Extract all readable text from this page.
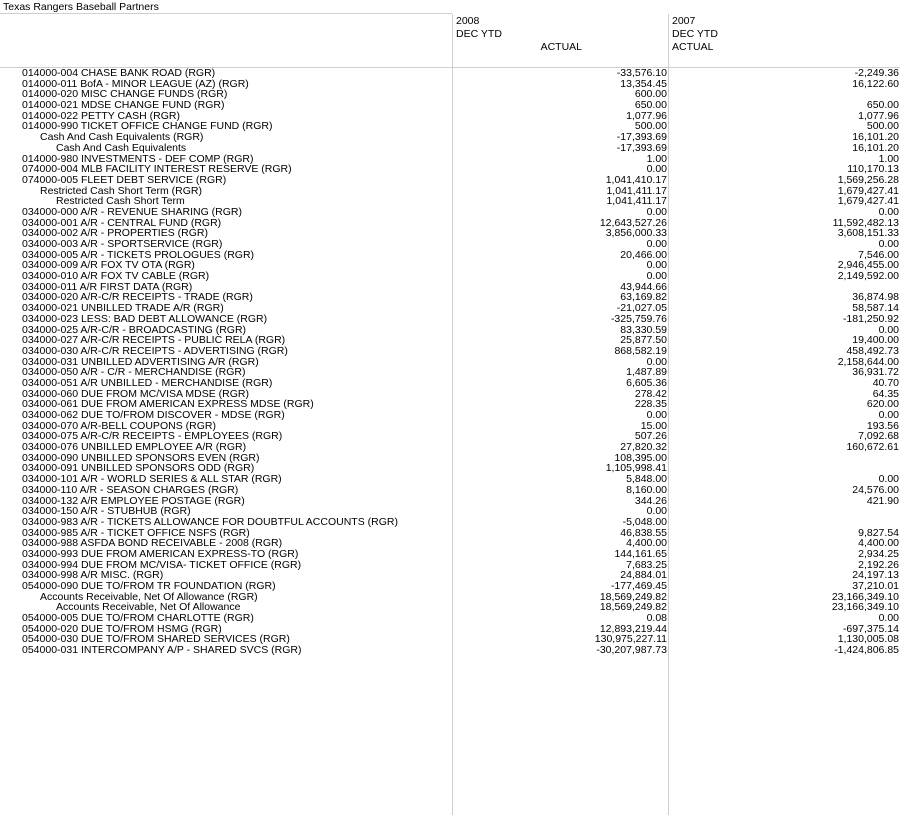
Texas Rangers Baseball Partners
2008
DEC YTD
ACTUAL
2007
DEC YTD
ACTUAL
014000-004 CHASE BANK ROAD (RGR)	-33,576.10	-2,249.36
014000-011 BofA - MINOR LEAGUE (AZ) (RGR)	13,354.45	16,122.60
014000-020 MISC CHANGE FUNDS (RGR)	600.00
014000-021 MDSE CHANGE FUND (RGR)	650.00	650.00
014000-022 PETTY CASH (RGR)	1,077.96	1,077.96
014000-990 TICKET OFFICE CHANGE FUND (RGR)	500.00	500.00
Cash And Cash Equivalents (RGR)	-17,393.69	16,101.20
Cash And Cash Equivalents	-17,393.69	16,101.20
014000-980 INVESTMENTS - DEF COMP (RGR)	1.00	1.00
074000-004 MLB FACILITY INTEREST RESERVE (RGR)	0.00	110,170.13
074000-005 FLEET DEBT SERVICE (RGR)	1,041,410.17	1,569,256.28
Restricted Cash Short Term (RGR)	1,041,411.17	1,679,427.41
Restricted Cash Short Term	1,041,411.17	1,679,427.41
034000-000 A/R - REVENUE SHARING (RGR)	0.00	0.00
034000-001 A/R - CENTRAL FUND (RGR)	12,643,527.26	11,592,482.13
034000-002 A/R - PROPERTIES (RGR)	3,856,000.33	3,608,151.33
034000-003 A/R - SPORTSERVICE (RGR)	0.00	0.00
034000-005 A/R - TICKETS PROLOGUES (RGR)	20,466.00	7,546.00
034000-009 A/R FOX TV OTA (RGR)	0.00	2,946,455.00
034000-010 A/R FOX TV CABLE (RGR)	0.00	2,149,592.00
034000-011 A/R FIRST DATA (RGR)	43,944.66
034000-020 A/R-C/R RECEIPTS - TRADE (RGR)	63,169.82	36,874.98
034000-021 UNBILLED TRADE A/R (RGR)	-21,027.05	58,587.14
034000-023 LESS: BAD DEBT ALLOWANCE (RGR)	-325,759.76	-181,250.92
034000-025 A/R-C/R - BROADCASTING (RGR)	83,330.59	0.00
034000-027 A/R-C/R RECEIPTS - PUBLIC RELA (RGR)	25,877.50	19,400.00
034000-030 A/R-C/R RECEIPTS - ADVERTISING (RGR)	868,582.19	458,492.73
034000-031 UNBILLED ADVERTISING A/R (RGR)	0.00	2,158,644.00
034000-050 A/R - C/R - MERCHANDISE (RGR)	1,487.89	36,931.72
034000-051 A/R UNBILLED - MERCHANDISE (RGR)	6,605.36	40.70
034000-060 DUE FROM MC/VISA MDSE (RGR)	278.42	64.35
034000-061 DUE FROM AMERICAN EXPRESS MDSE (RGR)	228.35	620.00
034000-062 DUE TO/FROM DISCOVER - MDSE (RGR)	0.00	0.00
034000-070 A/R-BELL COUPONS (RGR)	15.00	193.56
034000-075 A/R-C/R RECEIPTS - EMPLOYEES (RGR)	507.26	7,092.68
034000-076 UNBILLED EMPLOYEE A/R (RGR)	27,820.32	160,672.61
034000-090 UNBILLED SPONSORS EVEN (RGR)	108,395.00
034000-091 UNBILLED SPONSORS ODD (RGR)	1,105,998.41
034000-101 A/R - WORLD SERIES & ALL STAR (RGR)	5,848.00	0.00
034000-110 A/R - SEASON CHARGES (RGR)	8,160.00	24,576.00
034000-132 A/R EMPLOYEE POSTAGE (RGR)	344.26	421.90
034000-150 A/R - STUBHUB (RGR)	0.00
034000-983 A/R - TICKETS ALLOWANCE FOR DOUBTFUL ACCOUNTS (RGR)	-5,048.00
034000-985 A/R - TICKET OFFICE NSFS (RGR)	46,838.55	9,827.54
034000-988 ASFDA BOND RECEIVABLE - 2008 (RGR)	4,400.00	4,400.00
034000-993 DUE FROM AMERICAN EXPRESS-TO (RGR)	144,161.65	2,934.25
034000-994 DUE FROM MC/VISA- TICKET OFFICE (RGR)	7,683.25	2,192.26
034000-998 A/R MISC. (RGR)	24,884.01	24,197.13
054000-090 DUE TO/FROM TR FOUNDATION (RGR)	-177,469.45	37,210.01
Accounts Receivable, Net Of Allowance (RGR)	18,569,249.82	23,166,349.10
Accounts Receivable, Net Of Allowance	18,569,249.82	23,166,349.10
054000-005 DUE TO/FROM CHARLOTTE (RGR)	0.08	0.00
054000-020 DUE TO/FROM HSMG (RGR)	12,893,219.44	-697,375.14
054000-030 DUE TO/FROM SHARED SERVICES (RGR)	130,975,227.11	1,130,005.08
054000-031 INTERCOMPANY A/P - SHARED SVCS (RGR)	-30,207,987.73	-1,424,806.85
